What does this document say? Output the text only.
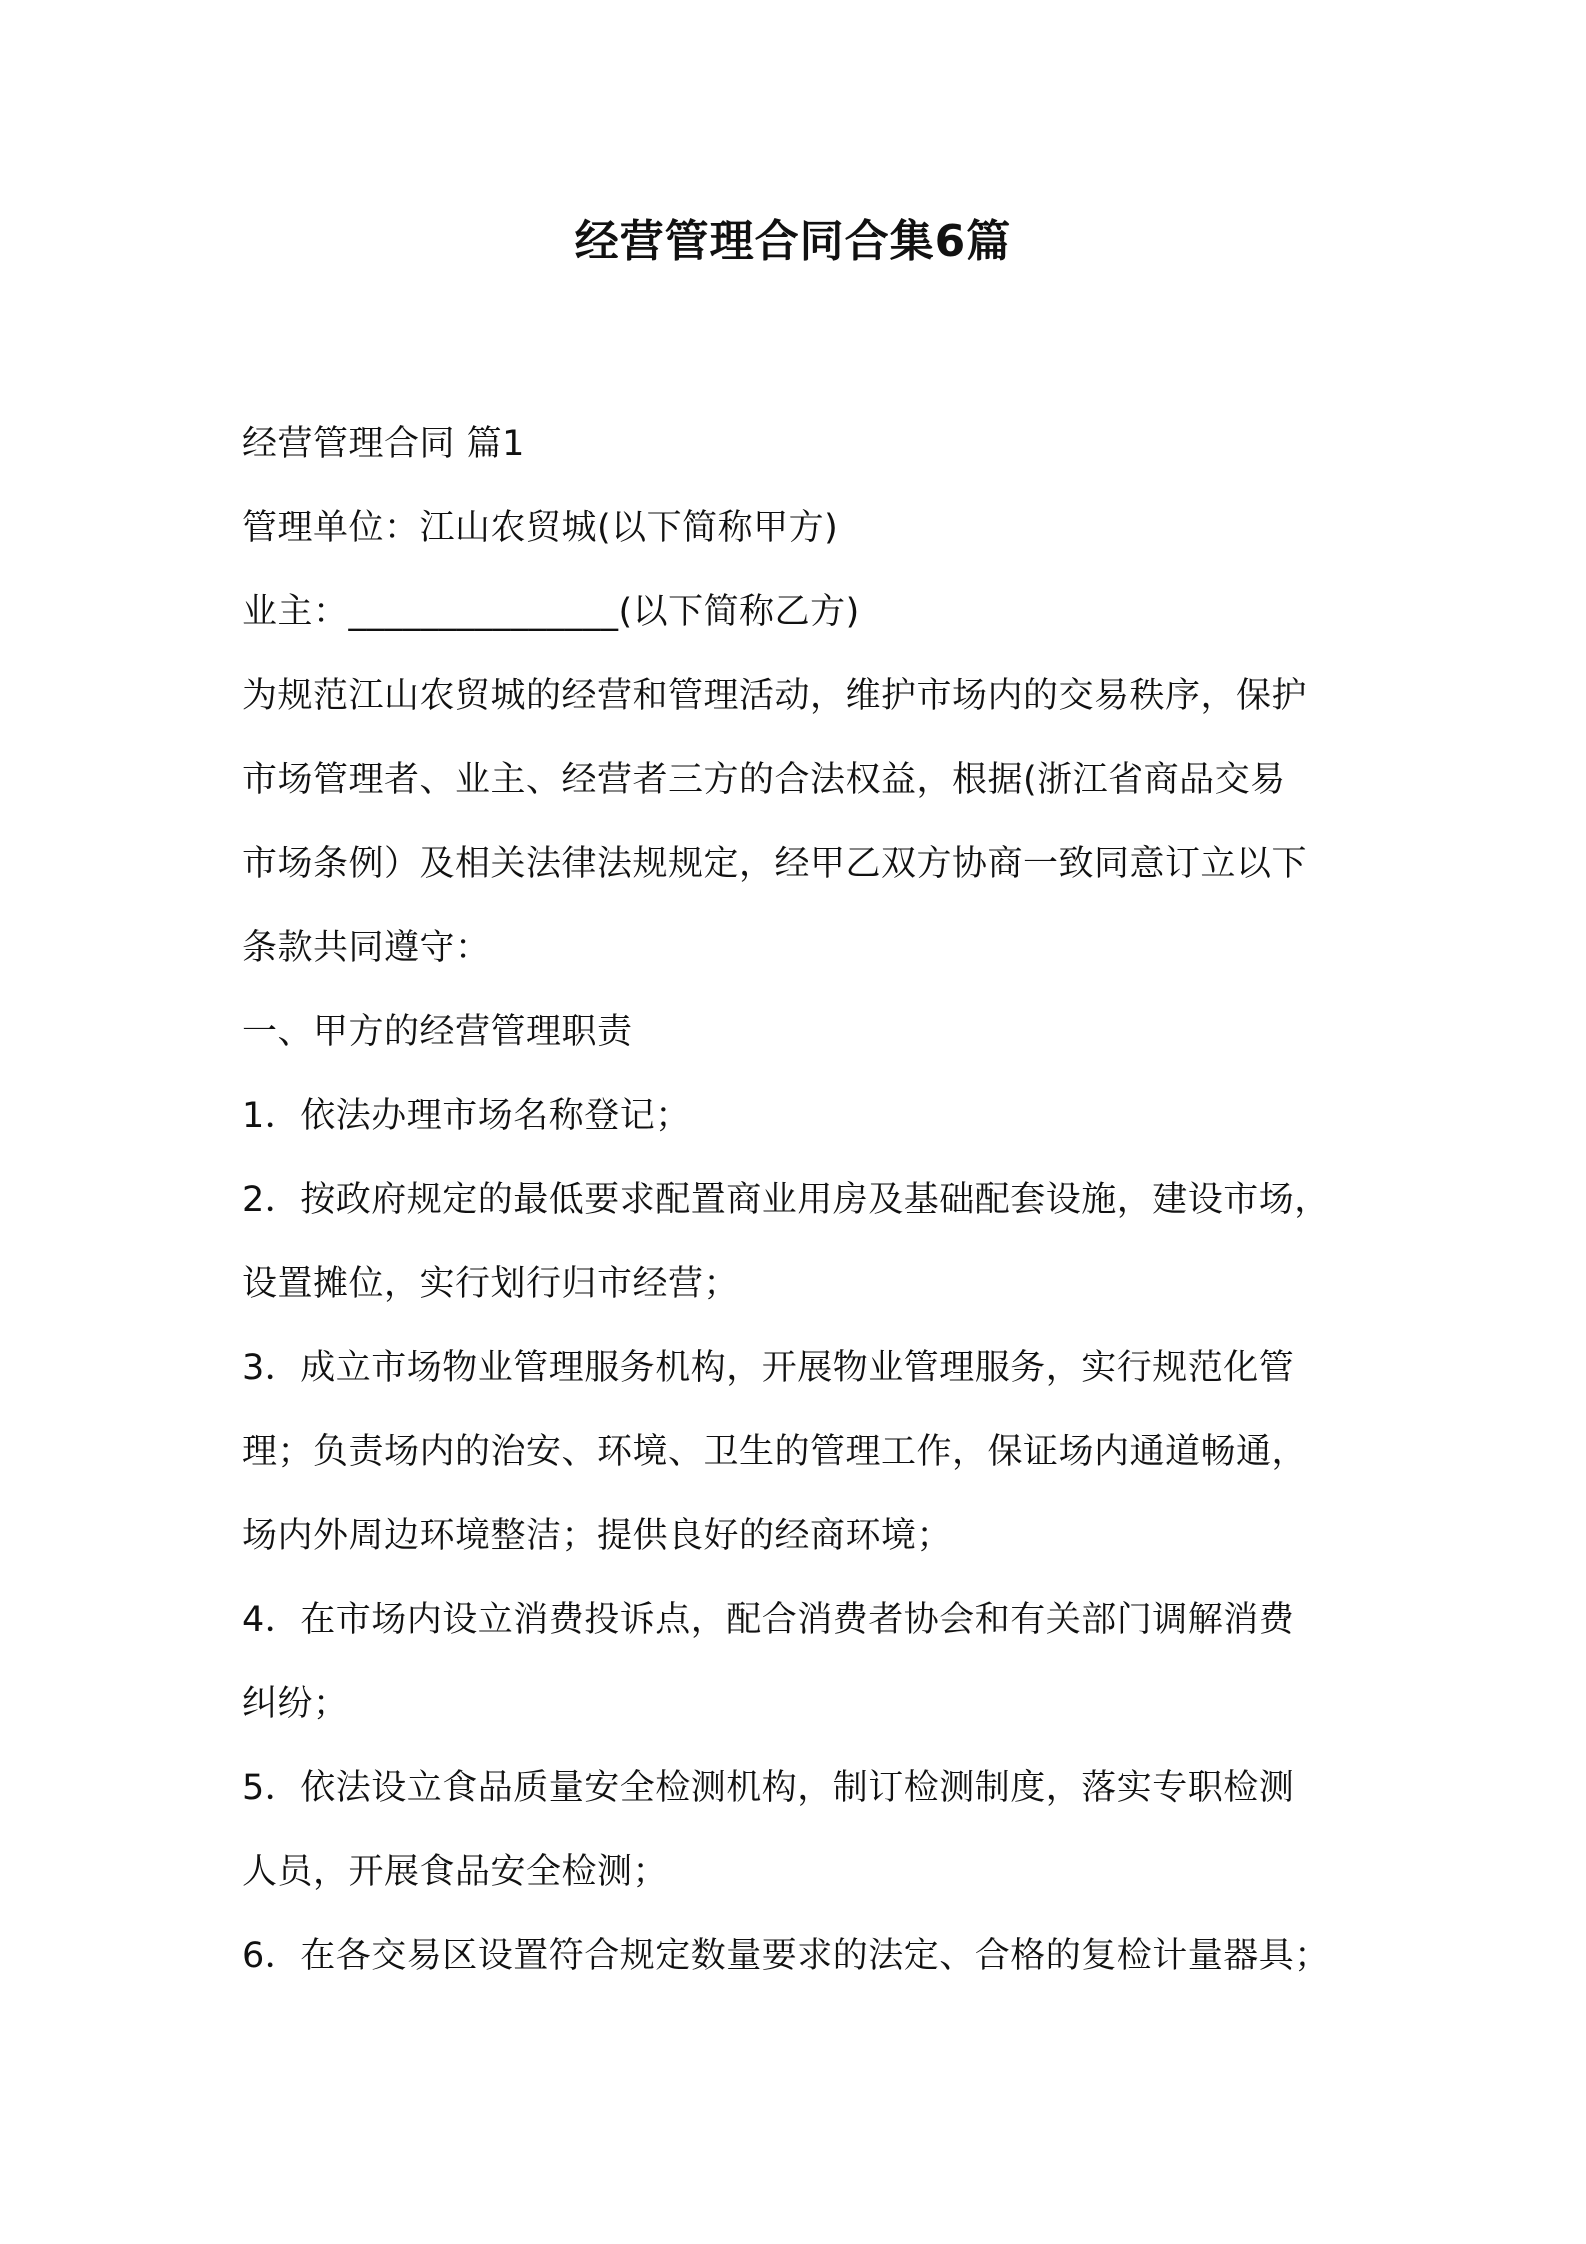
经营管理合同合集6篇

经营管理合同 篇1

管理单位：江山农贸城(以下简称甲方)

业主：_______________(以下简称乙方)

为规范江山农贸城的经营和管理活动，维护市场内的交易秩序，保护

市场管理者、业主、经营者三方的合法权益，根据(浙江省商品交易

市场条例）及相关法律法规规定，经甲乙双方协商一致同意订立以下

条款共同遵守：

一、甲方的经营管理职责

1．依法办理市场名称登记；

2．按政府规定的最低要求配置商业用房及基础配套设施，建设市场，

设置摊位，实行划行归市经营；

3．成立市场物业管理服务机构，开展物业管理服务，实行规范化管

理；负责场内的治安、环境、卫生的管理工作，保证场内通道畅通，

场内外周边环境整洁；提供良好的经商环境；

4．在市场内设立消费投诉点，配合消费者协会和有关部门调解消费

纠纷；

5．依法设立食品质量安全检测机构，制订检测制度，落实专职检测

人员，开展食品安全检测；

6．在各交易区设置符合规定数量要求的法定、合格的复检计量器具；
